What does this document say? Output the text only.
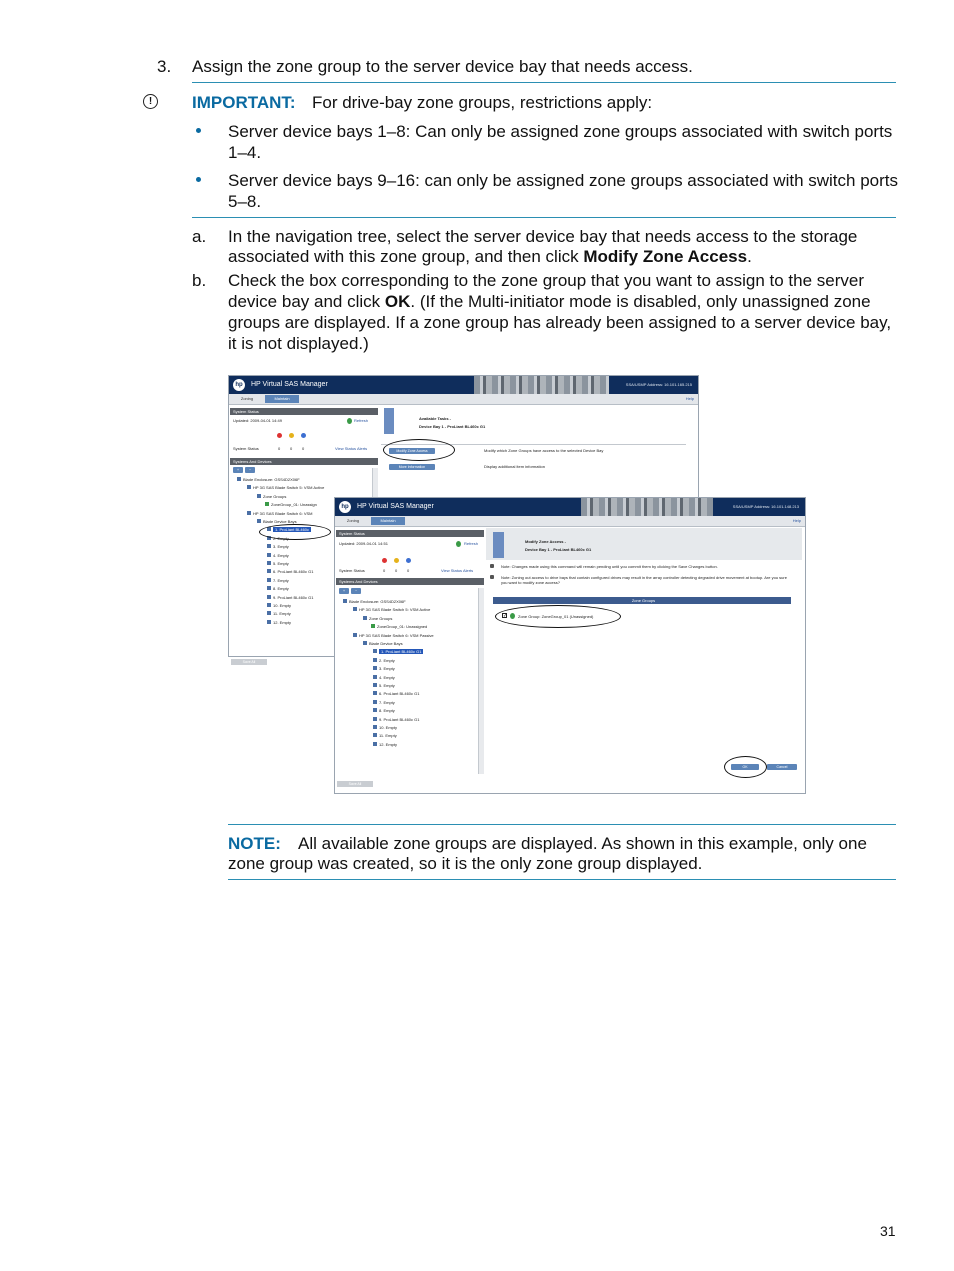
3. Assign the zone group to the server device bay that needs access.
!	IMPORTANT: For drive-bay zone groups, restrictions apply:
Server device bays 1–8: Can only be assigned zone groups associated with switch ports
1–4.
Server device bays 9–16: can only be assigned zone groups associated with switch ports
5–8.
a. In the navigation tree, select the server device bay that needs access to the storage
associated with this zone group, and then click Modify Zone Access.
b. Check the box corresponding to the zone group that you want to assign to the server
device bay and click OK. (If the Multi-initiator mode is disabled, only unassigned zone
groups are displayed. If a zone group has already been assigned to a server device bay,
it is not displayed.)
hp	HP Virtual SAS Manager	SSA/USMP Address: 16.101.165.215
Zoning	Maintain	Help
System Status
Updated: 2009-04-01 14:49	Refresh
System Status	0 0 0	View Status Alerts
Systems And Devices
+	−
Blade Enclosure: GSS4D2X06F
HP 3G SAS Blade Switch 5: VSM Active
Zone Groups
ZoneGroup_01: Unassign
HP 3G SAS Blade Switch 6: VSM
Blade Device Bays
1. ProLiant BL460c
2. Empty
3. Empty
4. Empty
5. Empty
6. ProLiant BL460c G1
7. Empty
8. Empty
9. ProLiant BL460c G1
10. Empty
11. Empty
12. Empty
Save All
Available Tasks -
Device Bay 1 - ProLiant BL460c G1
Modify Zone Access	Modify which Zone Groups have access to the selected Device Bay
More Information	Display additional item information
hp	HP Virtual SAS Manager	SSA/USMP Address: 16.101.148.213
Zoning	Maintain	Help
System Status
Updated: 2009-04-01 14:51	Refresh
System Status	0 0 0	View Status Alerts
Systems And Devices
+	−
Blade Enclosure: GSS4D2X06F
HP 3G SAS Blade Switch 5: VSM Active
Zone Groups
ZoneGroup_01: Unassigned
HP 3G SAS Blade Switch 6: VSM Passive
Blade Device Bays
1. ProLiant BL460c G1
2. Empty
3. Empty
4. Empty
5. Empty
6. ProLiant BL460c G1
7. Empty
8. Empty
9. ProLiant BL460c G1
10. Empty
11. Empty
12. Empty
Save All
Modify Zone Access -
Device Bay 1 - ProLiant BL460c G1
Note: Changes made using this command will remain pending until you commit them by clicking the Save Changes button.
Note: Zoning out access to drive bays that contain configured drives may result in the array controller detecting degraded drive movement at bootup. Are you sure you want to modify zone access?
Zone Groups
✓	Zone Group: ZoneGroup_01 (Unassigned)
OK	Cancel
NOTE: All available zone groups are displayed. As shown in this example, only one
zone group was created, so it is the only zone group displayed.
31
